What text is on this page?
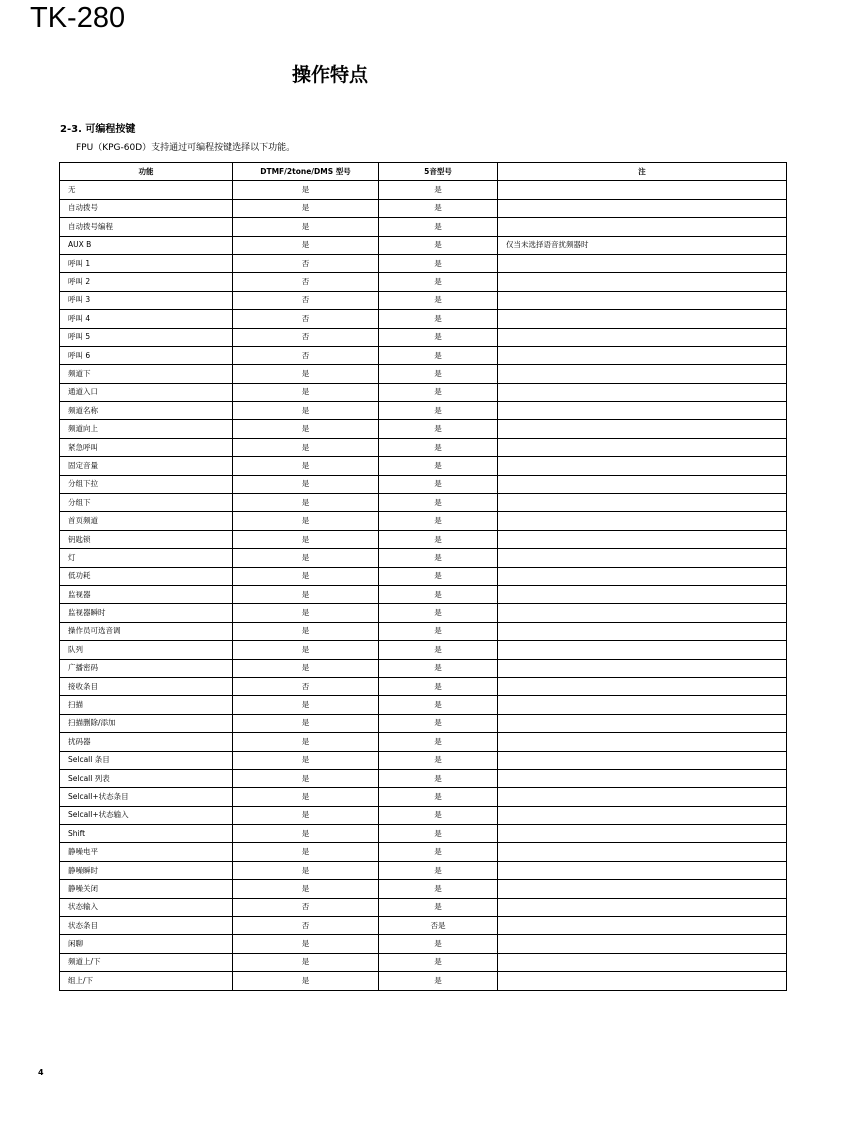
TK-280
操作特点
2-3. 可编程按键
FPU（KPG-60D）支持通过可编程按键选择以下功能。
功能	DTMF/2tone/DMS 型号	5音型号	注
无	是	是	
自动拨号	是	是	
自动拨号编程	是	是	
AUX B	是	是	仅当未选择语音扰频器时
呼叫 1	否	是	
呼叫 2	否	是	
呼叫 3	否	是	
呼叫 4	否	是	
呼叫 5	否	是	
呼叫 6	否	是	
频道下	是	是	
通道入口	是	是	
频道名称	是	是	
频道向上	是	是	
紧急呼叫	是	是	
固定音量	是	是	
分组下拉	是	是	
分组下	是	是	
首页频道	是	是	
钥匙锁	是	是	
灯	是	是	
低功耗	是	是	
监视器	是	是	
监视器瞬时	是	是	
操作员可选音调	是	是	
队列	是	是	
广播密码	是	是	
接收条目	否	是	
扫描	是	是	
扫描删除/添加	是	是	
扰码器	是	是	
Selcall 条目	是	是	
Selcall 列表	是	是	
Selcall+状态条目	是	是	
Selcall+状态输入	是	是	
Shift	是	是	
静噪电平	是	是	
静噪瞬时	是	是	
静噪关闭	是	是	
状态输入	否	是	
状态条目	否	否是	
闲聊	是	是	
频道上/下	是	是	
组上/下	是	是	
4
